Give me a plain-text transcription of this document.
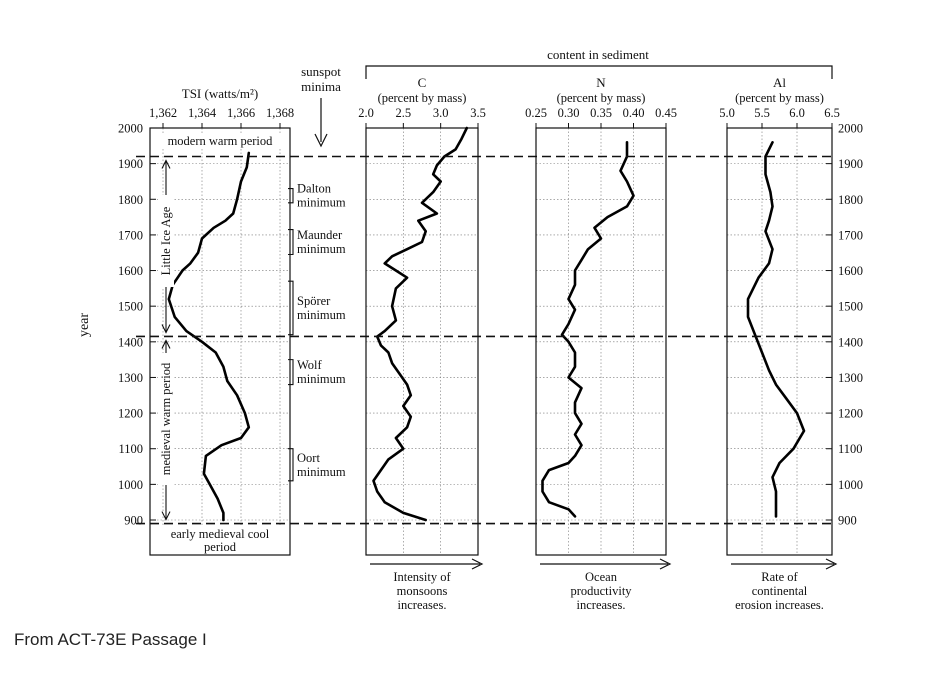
content in sediment
sunspot
minima
TSI (watts/m²)
year
1,362 1,364 1,366 1,368	2.0 2.5 3.0 3.5
C
(percent by mass)
Intensity of
monsoons
increases.
0.25 0.30 0.35 0.40 0.45
N
(percent by mass)
Ocean
productivity
increases.
5.0 5.5 6.0 6.5
Al
(percent by mass)
Rate of
continental
erosion increases.
900
1000
1100
1200
1300
1400
1500
1600
1700
1800
1900
2000	2000
1900
1800
1700
1600
1500
1400
1300
1200
1100
1000
900
modern warm period
Little Ice Age
medieval warm period
early medieval cool
period
Dalton
minimum
Maunder
minimum
Spörer
minimum
Wolf
minimum
Oort
minimum
From ACT-73E Passage I
